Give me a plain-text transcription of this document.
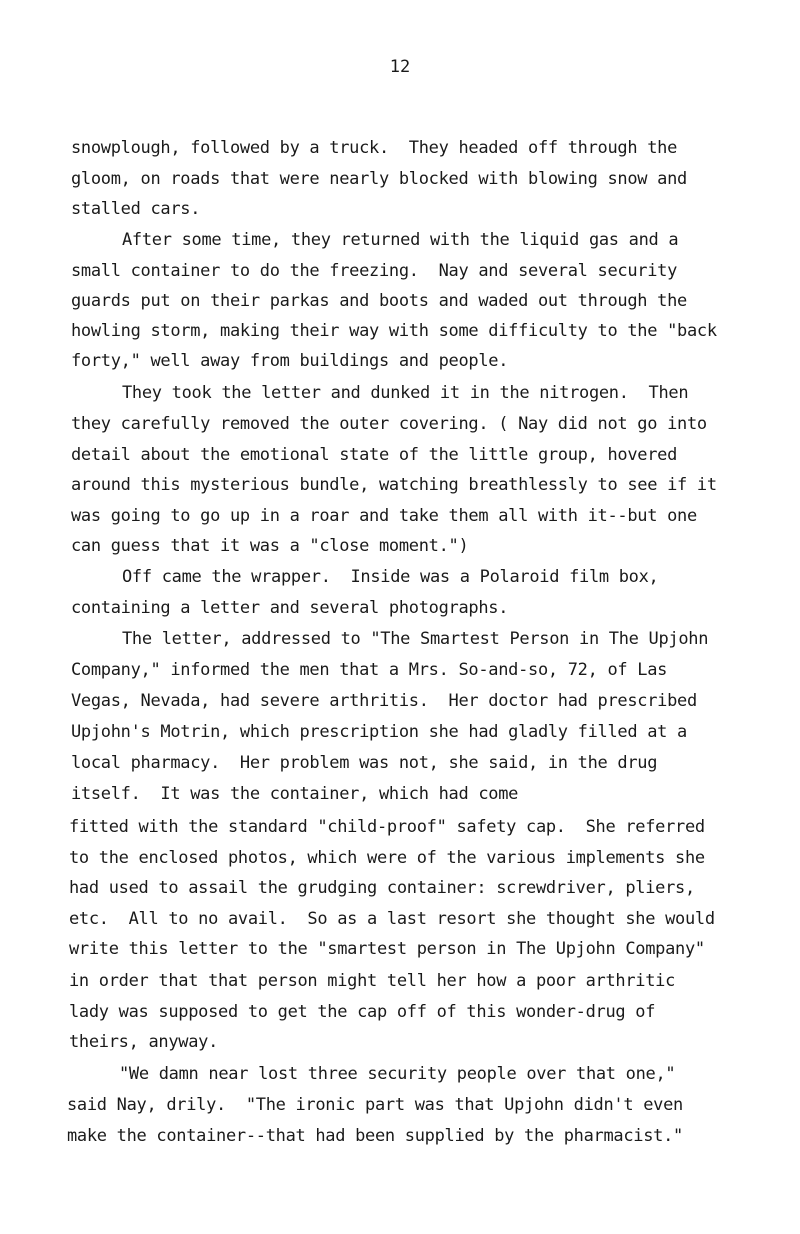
12
snowplough, followed by a truck.  They headed off through the
gloom, on roads that were nearly blocked with blowing snow and
stalled cars.
After some time, they returned with the liquid gas and a
small container to do the freezing.  Nay and several security
guards put on their parkas and boots and waded out through the
howling storm, making their way with some difficulty to the "back
forty," well away from buildings and people.
They took the letter and dunked it in the nitrogen.  Then
they carefully removed the outer covering. ( Nay did not go into
detail about the emotional state of the little group, hovered
around this mysterious bundle, watching breathlessly to see if it
was going to go up in a roar and take them all with it--but one
can guess that it was a "close moment.")
Off came the wrapper.  Inside was a Polaroid film box,
containing a letter and several photographs.
The letter, addressed to "The Smartest Person in The Upjohn
Company," informed the men that a Mrs. So-and-so, 72, of Las
Vegas, Nevada, had severe arthritis.  Her doctor had prescribed
Upjohn's Motrin, which prescription she had gladly filled at a
local pharmacy.  Her problem was not, she said, in the drug
itself.  It was the container, which had come
fitted with the standard "child-proof" safety cap.  She referred
to the enclosed photos, which were of the various implements she
had used to assail the grudging container: screwdriver, pliers,
etc.  All to no avail.  So as a last resort she thought she would
write this letter to the "smartest person in The Upjohn Company"
in order that that person might tell her how a poor arthritic
lady was supposed to get the cap off of this wonder-drug of
theirs, anyway.
"We damn near lost three security people over that one,"
said Nay, drily.  "The ironic part was that Upjohn didn't even
make the container--that had been supplied by the pharmacist."
